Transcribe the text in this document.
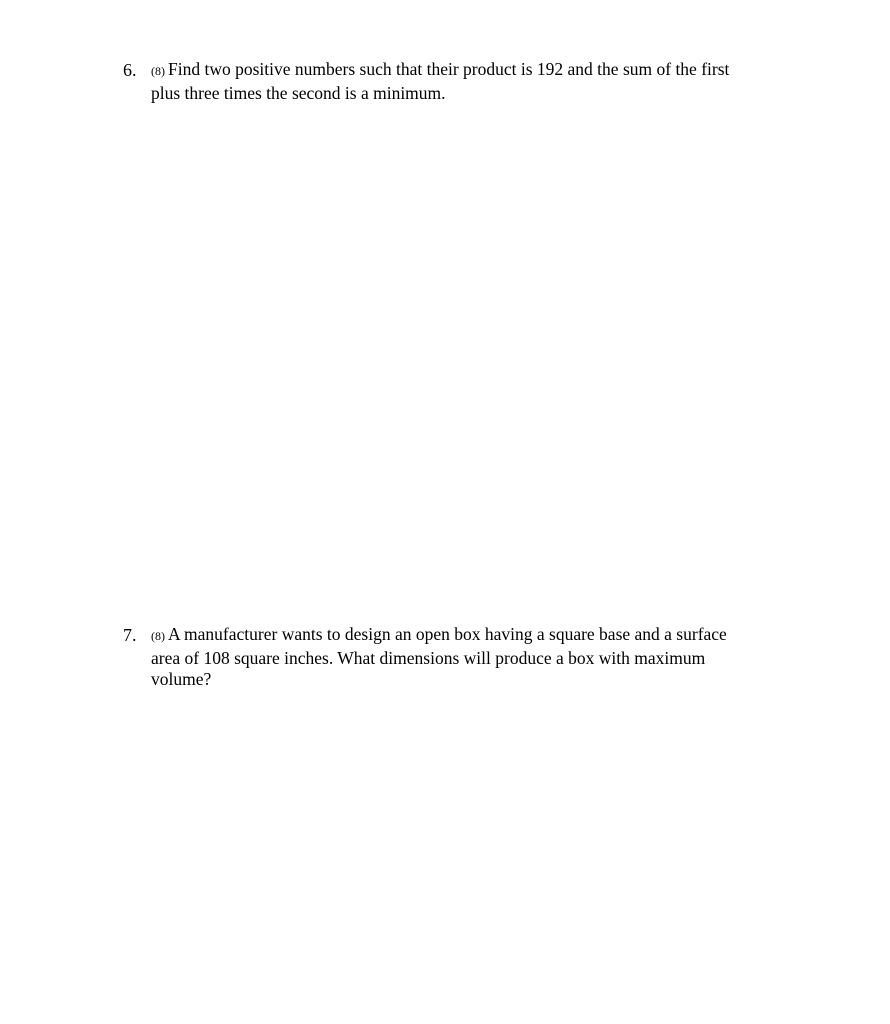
6. (8) Find two positive numbers such that their product is 192 and the sum of the first
plus three times the second is a minimum.
7. (8) A manufacturer wants to design an open box having a square base and a surface
area of 108 square inches. What dimensions will produce a box with maximum
volume?
